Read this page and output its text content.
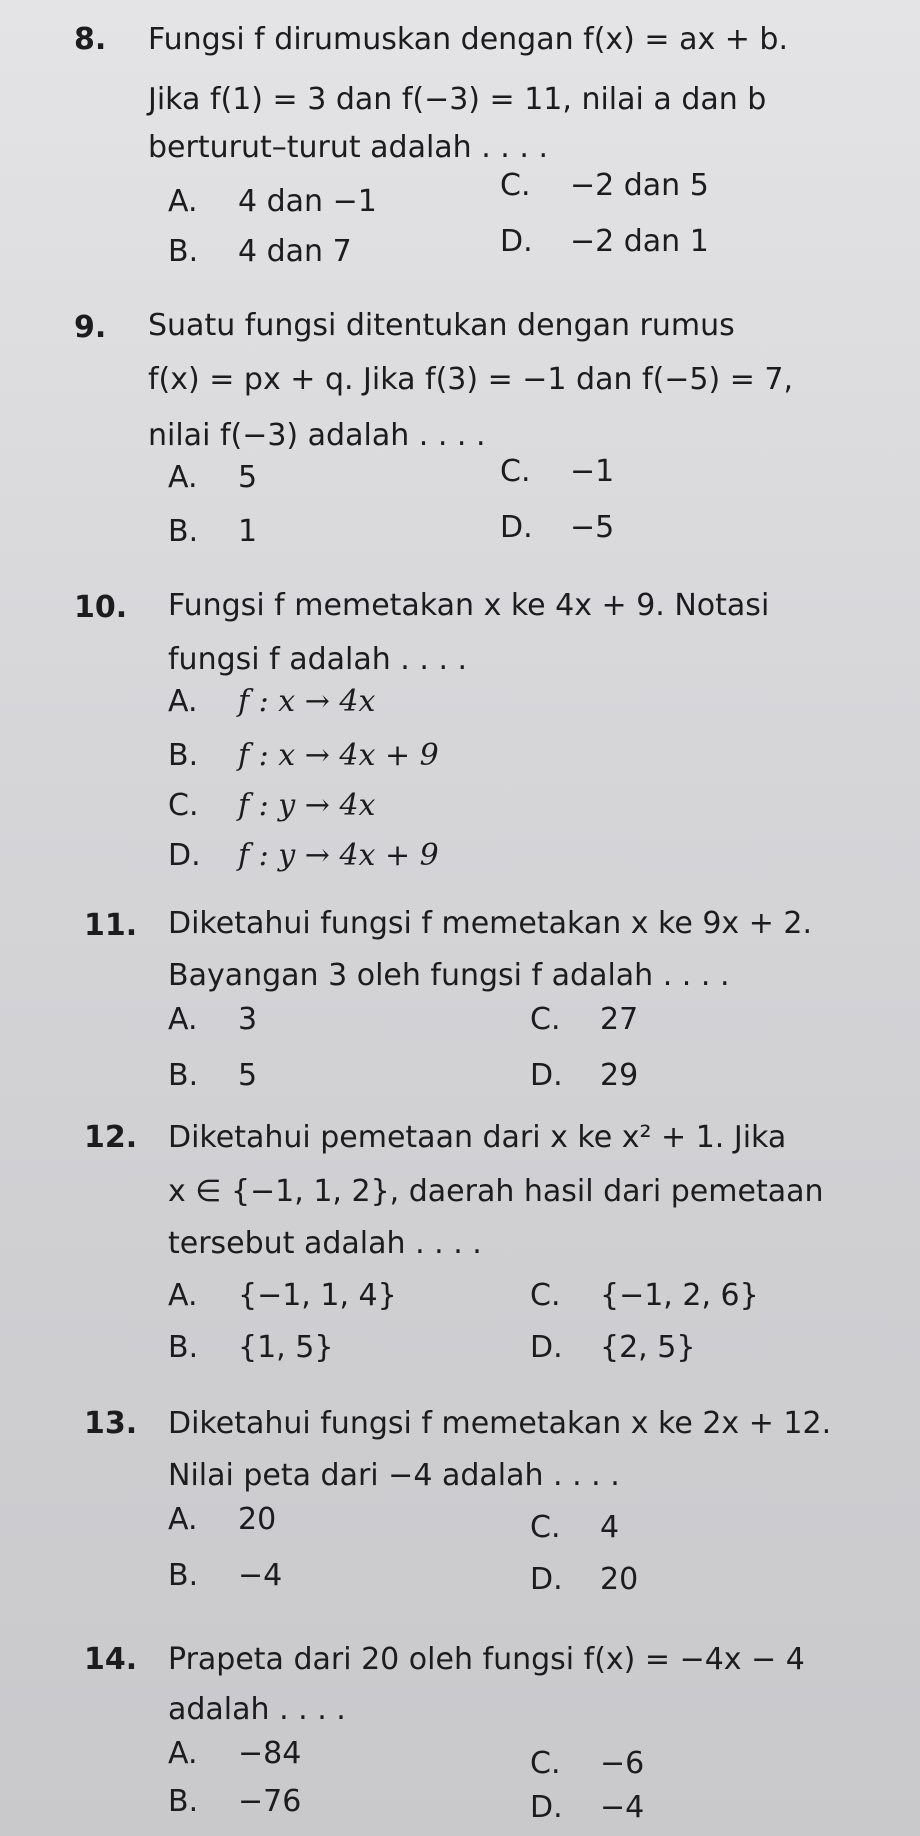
8. Fungsi f dirumuskan dengan f(x) = ax + b.
Jika f(1) = 3 dan f(−3) = 11, nilai a dan b
berturut–turut adalah . . . .
A. 4 dan −1	C. −2 dan 5
B. 4 dan 7	D. −2 dan 1
9. Suatu fungsi ditentukan dengan rumus
f(x) = px + q. Jika f(3) = −1 dan f(−5) = 7,
nilai f(−3) adalah . . . .
A. 5	C. −1
B. 1	D. −5
10. Fungsi f memetakan x ke 4x + 9. Notasi
fungsi f adalah . . . .
A. f : x → 4x
B. f : x → 4x + 9
C. f : y → 4x
D. f : y → 4x + 9
11. Diketahui fungsi f memetakan x ke 9x + 2.
Bayangan 3 oleh fungsi f adalah . . . .
A. 3	C. 27
B. 5	D. 29
12. Diketahui pemetaan dari x ke x² + 1. Jika
x ∈ {−1, 1, 2}, daerah hasil dari pemetaan
tersebut adalah . . . .
A. {−1, 1, 4}	C. {−1, 2, 6}
B. {1, 5}	D. {2, 5}
13. Diketahui fungsi f memetakan x ke 2x + 12.
Nilai peta dari −4 adalah . . . .
A. 20	C. 4
B. −4	D. 20
14. Prapeta dari 20 oleh fungsi f(x) = −4x − 4
adalah . . . .
A. −84	C. −6
B. −76	D. −4
